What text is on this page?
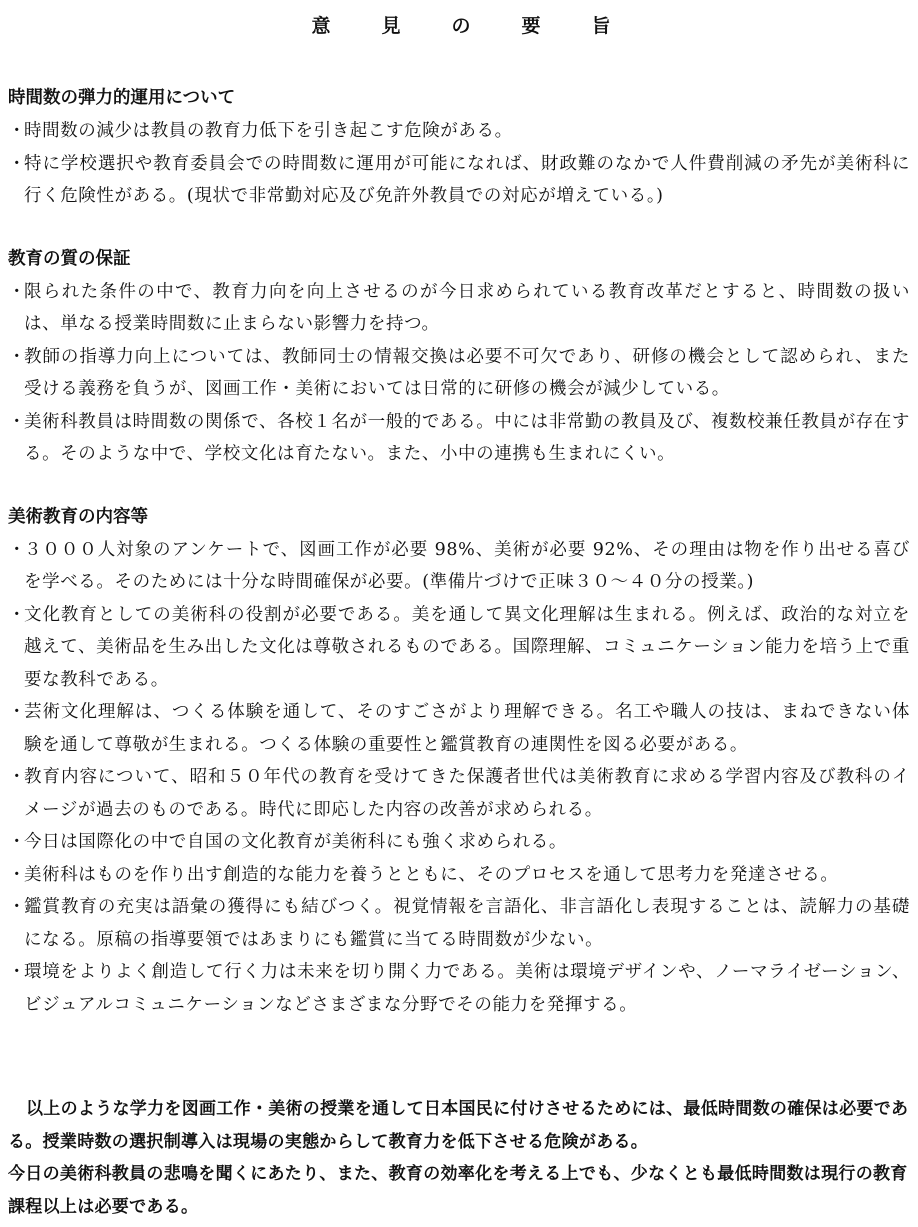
意　見　の　要　旨
時間数の弾力的運用について
・
時間数の減少は教員の教育力低下を引き起こす危険がある。
・
特に学校選択や教育委員会での時間数に運用が可能になれば、財政難のなかで人件費削減の矛先が美術科に行く危険性がある。(現状で非常勤対応及び免許外教員での対応が増えている。)
教育の質の保証
・
限られた条件の中で、教育力向を向上させるのが今日求められている教育改革だとすると、時間数の扱いは、単なる授業時間数に止まらない影響力を持つ。
・
教師の指導力向上については、教師同士の情報交換は必要不可欠であり、研修の機会として認められ、また受ける義務を負うが、図画工作・美術においては日常的に研修の機会が減少している。
・
美術科教員は時間数の関係で、各校１名が一般的である。中には非常勤の教員及び、複数校兼任教員が存在する。そのような中で、学校文化は育たない。また、小中の連携も生まれにくい。
美術教育の内容等
・
３０００人対象のアンケートで、図画工作が必要 98%、美術が必要 92%、その理由は物を作り出せる喜びを学べる。そのためには十分な時間確保が必要。(準備片づけで正味３０～４０分の授業。)
・
文化教育としての美術科の役割が必要である。美を通して異文化理解は生まれる。例えば、政治的な対立を越えて、美術品を生み出した文化は尊敬されるものである。国際理解、コミュニケーション能力を培う上で重要な教科である。
・
芸術文化理解は、つくる体験を通して、そのすごさがより理解できる。名工や職人の技は、まねできない体験を通して尊敬が生まれる。つくる体験の重要性と鑑賞教育の連関性を図る必要がある。
・
教育内容について、昭和５０年代の教育を受けてきた保護者世代は美術教育に求める学習内容及び教科のイメージが過去のものである。時代に即応した内容の改善が求められる。
・
今日は国際化の中で自国の文化教育が美術科にも強く求められる。
・
美術科はものを作り出す創造的な能力を養うとともに、そのプロセスを通して思考力を発達させる。
・
鑑賞教育の充実は語彙の獲得にも結びつく。視覚情報を言語化、非言語化し表現することは、読解力の基礎になる。原稿の指導要領ではあまりにも鑑賞に当てる時間数が少ない。
・
環境をよりよく創造して行く力は未来を切り開く力である。美術は環境デザインや、ノーマライゼーション、ビジュアルコミュニケーションなどさまざまな分野でその能力を発揮する。

以上のような学力を図画工作・美術の授業を通して日本国民に付けさせるためには、最低時間数の確保は必要である。授業時数の選択制導入は現場の実態からして教育力を低下させる危険がある。

今日の美術科教員の悲鳴を聞くにあたり、また、教育の効率化を考える上でも、少なくとも最低時間数は現行の教育課程以上は必要である。
